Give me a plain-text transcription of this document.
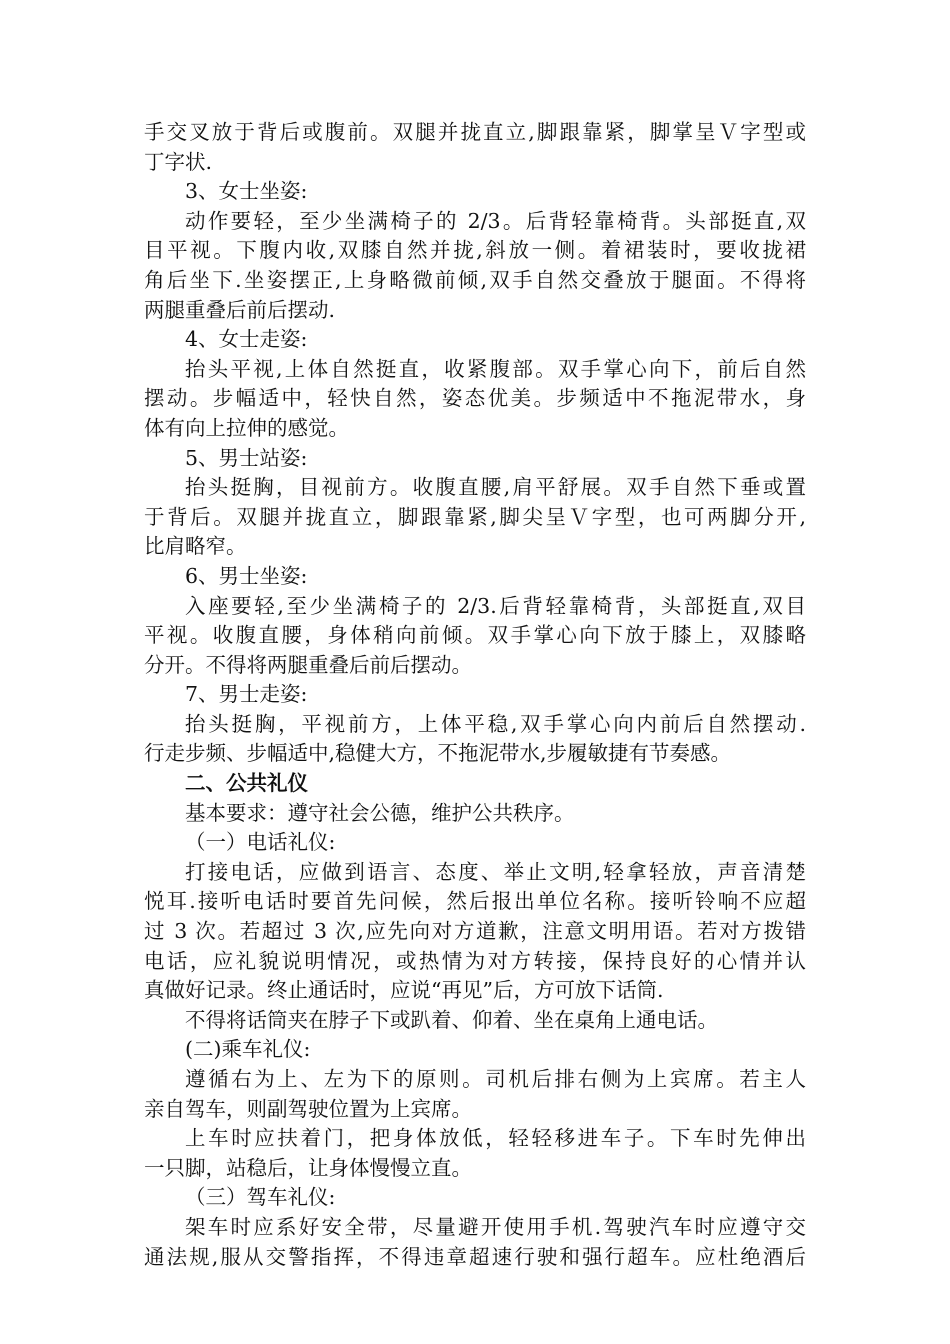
手交叉放于背后或腹前。双腿并拢直立,脚跟靠紧，脚掌呈Ｖ字型或
丁字状.
3、女士坐姿:
动作要轻，至少坐满椅子的 2/3。后背轻靠椅背。头部挺直,双
目平视。下腹内收,双膝自然并拢,斜放一侧。着裙装时，要收拢裙
角后坐下.坐姿摆正,上身略微前倾,双手自然交叠放于腿面。不得将
两腿重叠后前后摆动.
4、女士走姿:
抬头平视,上体自然挺直，收紧腹部。双手掌心向下，前后自然
摆动。步幅适中，轻快自然，姿态优美。步频适中不拖泥带水，身
体有向上拉伸的感觉。
5、男士站姿:
抬头挺胸，目视前方。收腹直腰,肩平舒展。双手自然下垂或置
于背后。双腿并拢直立，脚跟靠紧,脚尖呈Ｖ字型，也可两脚分开,
比肩略窄。
6、男士坐姿:
入座要轻,至少坐满椅子的 2/3.后背轻靠椅背，头部挺直,双目
平视。收腹直腰，身体稍向前倾。双手掌心向下放于膝上，双膝略
分开。不得将两腿重叠后前后摆动。
7、男士走姿:
抬头挺胸，平视前方，上体平稳,双手掌心向内前后自然摆动.
行走步频、步幅适中,稳健大方，不拖泥带水,步履敏捷有节奏感。
二、公共礼仪
基本要求：遵守社会公德，维护公共秩序。
（一）电话礼仪:
打接电话，应做到语言、态度、举止文明,轻拿轻放，声音清楚
悦耳.接听电话时要首先问候，然后报出单位名称。接听铃响不应超
过 3 次。若超过 3 次,应先向对方道歉，注意文明用语。若对方拨错
电话，应礼貌说明情况，或热情为对方转接，保持良好的心情并认
真做好记录。终止通话时，应说“再见”后，方可放下话筒.
不得将话筒夹在脖子下或趴着、仰着、坐在桌角上通电话。
(二)乘车礼仪:
遵循右为上、左为下的原则。司机后排右侧为上宾席。若主人
亲自驾车，则副驾驶位置为上宾席。
上车时应扶着门，把身体放低，轻轻移进车子。下车时先伸出
一只脚，站稳后，让身体慢慢立直。
（三）驾车礼仪:
架车时应系好安全带，尽量避开使用手机.驾驶汽车时应遵守交
通法规,服从交警指挥，不得违章超速行驶和强行超车。应杜绝酒后
